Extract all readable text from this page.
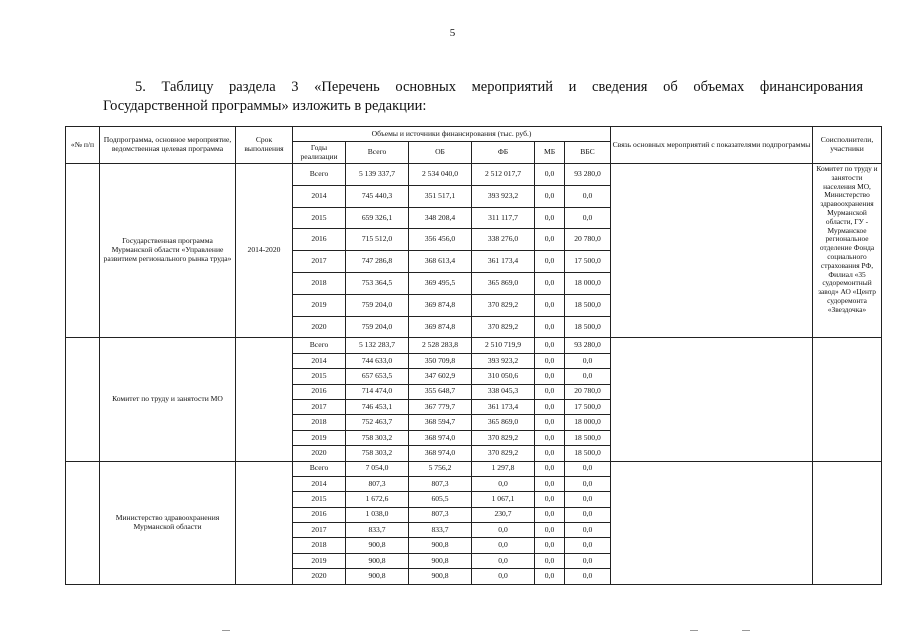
5
5. Таблицу раздела 3 «Перечень основных мероприятий и сведения об объемах финансирования
Государственной программы» изложить в редакции:
«№ п/п	Подпрограмма, основное мероприятие, ведомственная целевая программа	Срок выполнения	Объемы и источники финансирования (тыс. руб.)						Связь основных мероприятий с показателями подпрограммы	Соисполнители, участники
			Годы реализации	Всего	ОБ	ФБ	МБ	ВБС		
	Государственная программа Мурманской области «Управление развитием регионального рынка труда»	2014-2020	Всего	5 139 337,7	2 534 040,0	2 512 017,7	0,0	93 280,0		Комитет по труду и занятости населения МО, Министерство здравоохранения Мурманской области, ГУ - Мурманское региональное отделение Фонда социального страхования РФ, Филиал «35 судоремонтный завод» АО «Центр судоремонта «Звездочка»
			2014	745 440,3	351 517,1	393 923,2	0,0	0,0		
			2015	659 326,1	348 208,4	311 117,7	0,0	0,0		
			2016	715 512,0	356 456,0	338 276,0	0,0	20 780,0		
			2017	747 286,8	368 613,4	361 173,4	0,0	17 500,0		
			2018	753 364,5	369 495,5	365 869,0	0,0	18 000,0		
			2019	759 204,0	369 874,8	370 829,2	0,0	18 500,0		
			2020	759 204,0	369 874,8	370 829,2	0,0	18 500,0		
	Комитет по труду и занятости МО		Всего	5 132 283,7	2 528 283,8	2 510 719,9	0,0	93 280,0		
			2014	744 633,0	350 709,8	393 923,2	0,0	0,0		
			2015	657 653,5	347 602,9	310 050,6	0,0	0,0		
			2016	714 474,0	355 648,7	338 045,3	0,0	20 780,0		
			2017	746 453,1	367 779,7	361 173,4	0,0	17 500,0		
			2018	752 463,7	368 594,7	365 869,0	0,0	18 000,0		
			2019	758 303,2	368 974,0	370 829,2	0,0	18 500,0		
			2020	758 303,2	368 974,0	370 829,2	0,0	18 500,0		
	Министерство здравоохранения Мурманской области		Всего	7 054,0	5 756,2	1 297,8	0,0	0,0		
			2014	807,3	807,3	0,0	0,0	0,0		
			2015	1 672,6	605,5	1 067,1	0,0	0,0		
			2016	1 038,0	807,3	230,7	0,0	0,0		
			2017	833,7	833,7	0,0	0,0	0,0		
			2018	900,8	900,8	0,0	0,0	0,0		
			2019	900,8	900,8	0,0	0,0	0,0		
			2020	900,8	900,8	0,0	0,0	0,0		
